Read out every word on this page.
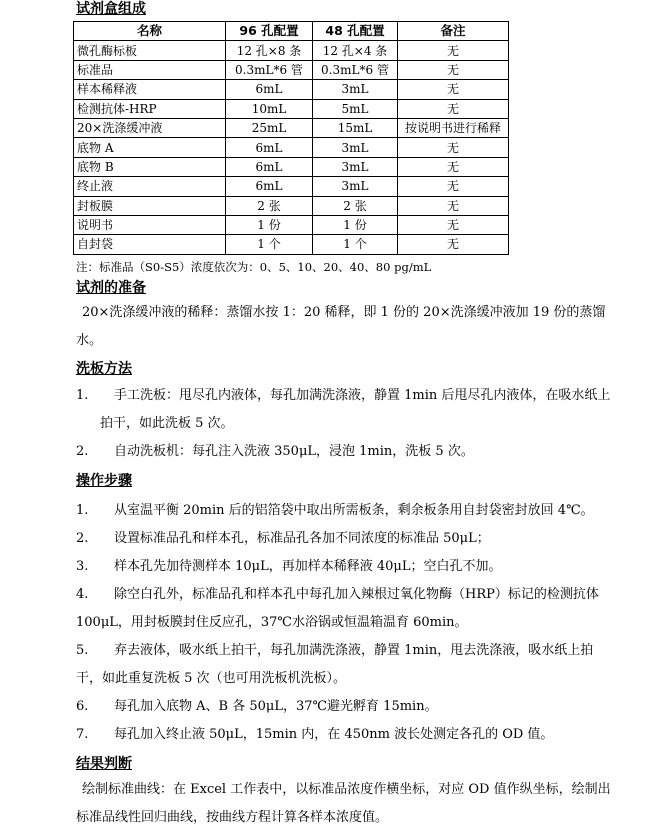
试剂盒组成
名称	96 孔配置	48 孔配置	备注
微孔酶标板	12 孔×8 条	12 孔×4 条	无
标准品	0.3mL*6 管	0.3mL*6 管	无
样本稀释液	6mL	3mL	无
检测抗体-HRP	10mL	5mL	无
20×洗涤缓冲液	25mL	15mL	按说明书进行稀释
底物 A	6mL	3mL	无
底物 B	6mL	3mL	无
终止液	6mL	3mL	无
封板膜	2 张	2 张	无
说明书	1 份	1 份	无
自封袋	1 个	1 个	无

注：标准品（S0-S5）浓度依次为：0、5、10、20、40、80 pg/mL

试剂的准备

20×洗涤缓冲液的稀释：蒸馏水按 1：20 稀释，即 1 份的 20×洗涤缓冲液加 19 份的蒸馏水。

洗板方法
1.	手工洗板：甩尽孔内液体，每孔加满洗涤液，静置 1min 后甩尽孔内液体，在吸水纸上拍干，如此洗板 5 次。
2.	自动洗板机：每孔注入洗液 350μL，浸泡 1min，洗板 5 次。
操作步骤
1. 从室温平衡 20min 后的铝箔袋中取出所需板条，剩余板条用自封袋密封放回 4℃。
2. 设置标准品孔和样本孔，标准品孔各加不同浓度的标准品 50μL；
3. 样本孔先加待测样本 10μL，再加样本稀释液 40μL；空白孔不加。
4.	除空白孔外，标准品孔和样本孔中每孔加入辣根过氧化物酶（HRP）标记的检测抗体 100μL，用封板膜封住反应孔，37℃水浴锅或恒温箱温育 60min。
5.	弃去液体，吸水纸上拍干，每孔加满洗涤液，静置 1min，甩去洗涤液，吸水纸上拍干，如此重复洗板 5 次（也可用洗板机洗板）。
6. 每孔加入底物 A、B 各 50μL，37℃避光孵育 15min。
7. 每孔加入终止液 50μL，15min 内，在 450nm 波长处测定各孔的 OD 值。
结果判断

绘制标准曲线：在 Excel 工作表中，以标准品浓度作横坐标，对应 OD 值作纵坐标，绘制出标准品线性回归曲线，按曲线方程计算各样本浓度值。
